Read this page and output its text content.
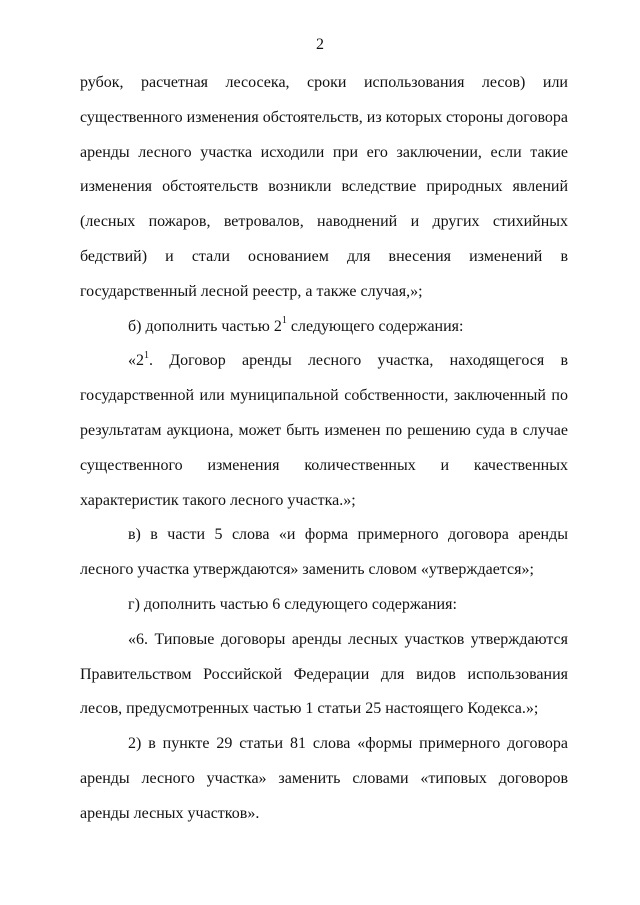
2

рубок, расчетная лесосека, сроки использования лесов) или существенного изменения обстоятельств, из которых стороны договора аренды лесного участка исходили при его заключении, если такие изменения обстоятельств возникли вследствие природных явлений (лесных пожаров, ветровалов, наводнений и других стихийных бедствий) и стали основанием для внесения изменений в государственный лесной реестр, а также случая,»;

б) дополнить частью $2^1$ следующего содержания:

«$2^1$. Договор аренды лесного участка, находящегося в государственной или муниципальной собственности, заключенный по результатам аукциона, может быть изменен по решению суда в случае существенного изменения количественных и качественных характеристик такого лесного участка.»;

в) в части 5 слова «и форма примерного договора аренды лесного участка утверждаются» заменить словом «утверждается»;

г) дополнить частью 6 следующего содержания:

«6. Типовые договоры аренды лесных участков утверждаются Правительством Российской Федерации для видов использования лесов, предусмотренных частью 1 статьи 25 настоящего Кодекса.»;

2) в пункте 29 статьи 81 слова «формы примерного договора аренды лесного участка» заменить словами «типовых договоров аренды лесных участков».
